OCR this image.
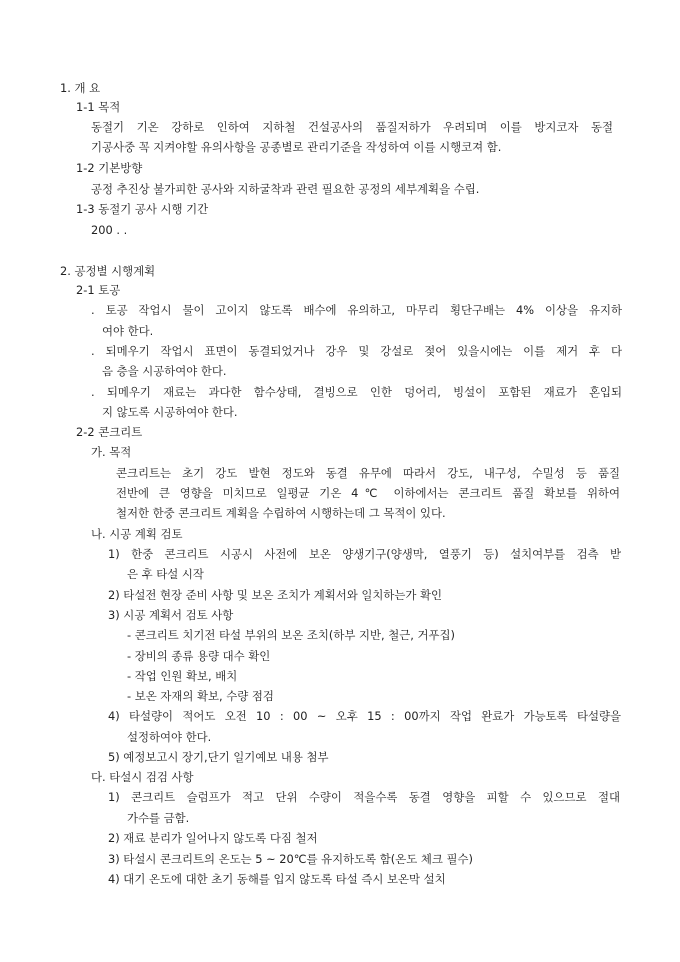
1. 개 요
1-1 목적
동절기 기온 강하로 인하여 지하철 건설공사의 품질저하가 우려되며 이를 방지코자 동절
기공사중 꼭 지켜야할 유의사항을 공종별로 관리기준을 작성하여 이를 시행코져 함.
1-2 기본방향
공정 추진상 불가피한 공사와 지하굴착과 관련 필요한 공정의 세부계획을 수립.
1-3 동절기 공사 시행 기간
200 . .
2. 공정별 시행계획
2-1 토공
. 토공 작업시 물이 고이지 않도록 배수에 유의하고, 마무리 횡단구배는 4% 이상을 유지하
여야 한다.
. 되메우기 작업시 표면이 동결되었거나 강우 및 강설로 젖어 있을시에는 이를 제거 후 다
음 층을 시공하여야 한다.
. 되메우기 재료는 과다한 함수상태, 결빙으로 인한 덩어리, 빙설이 포함된 재료가 혼입되
지 않도록 시공하여야 한다.
2-2 콘크리트
가. 목적
콘크리트는 초기 강도 발현 정도와 동결 유무에 따라서 강도, 내구성, 수밀성 등 품질
전반에 큰 영향을 미치므로 일평균 기온 4℃ 이하에서는 콘크리트 품질 확보를 위하여
철저한 한중 콘크리트 계획을 수립하여 시행하는데 그 목적이 있다.
나. 시공 계획 검토
1) 한중 콘크리트 시공시 사전에 보온 양생기구(양생막, 열풍기 등) 설치여부를 검측 받
은 후 타설 시작
2) 타설전 현장 준비 사항 및 보온 조치가 계획서와 일치하는가 확인
3) 시공 계획서 검토 사항
- 콘크리트 치기전 타설 부위의 보온 조치(하부 지반, 철근, 거푸집)
- 장비의 종류 용량 대수 확인
- 작업 인원 확보, 배치
- 보온 자재의 확보, 수량 점검
4) 타설량이 적어도 오전 10 : 00 ~ 오후 15 : 00까지 작업 완료가 가능토록 타설량을
설정하여야 한다.
5) 예정보고시 장기,단기 일기예보 내용 첨부
다. 타설시 검검 사항
1) 콘크리트 슬럼프가 적고 단위 수량이 적을수록 동결 영향을 피할 수 있으므로 절대
가수를 금함.
2) 재료 분리가 일어나지 않도록 다짐 철저
3) 타설시 콘크리트의 온도는 5 ~ 20℃를 유지하도록 함(온도 체크 필수)
4) 대기 온도에 대한 초기 동해를 입지 않도록 타설 즉시 보온막 설치
